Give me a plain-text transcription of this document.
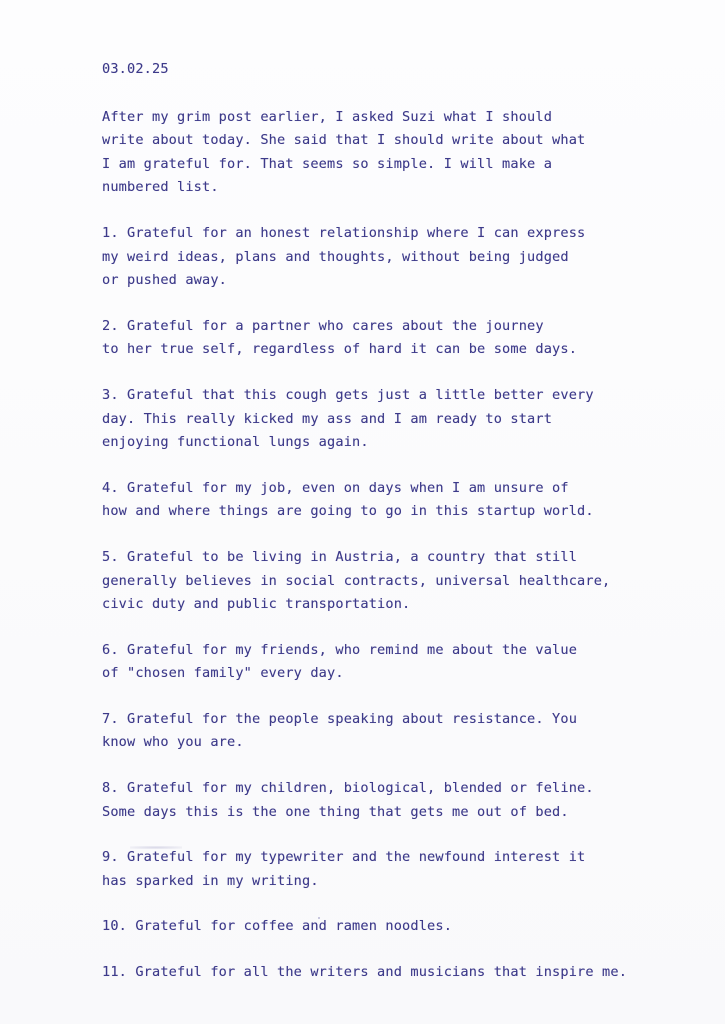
03.02.25
After my grim post earlier, I asked Suzi what I should
write about today. She said that I should write about what
I am grateful for. That seems so simple. I will make a
numbered list.
1. Grateful for an honest relationship where I can express
my weird ideas, plans and thoughts, without being judged
or pushed away.
2. Grateful for a partner who cares about the journey
to her true self, regardless of hard it can be some days.
3. Grateful that this cough gets just a little better every
day. This really kicked my ass and I am ready to start
enjoying functional lungs again.
4. Grateful for my job, even on days when I am unsure of
how and where things are going to go in this startup world.
5. Grateful to be living in Austria, a country that still
generally believes in social contracts, universal healthcare,
civic duty and public transportation.
6. Grateful for my friends, who remind me about the value
of "chosen family" every day.
7. Grateful for the people speaking about resistance. You
know who you are.
8. Grateful for my children, biological, blended or feline.
Some days this is the one thing that gets me out of bed.
9. Grateful for my typewriter and the newfound interest it
has sparked in my writing.
10. Grateful for coffee and ramen noodles.
11. Grateful for all the writers and musicians that inspire me.
